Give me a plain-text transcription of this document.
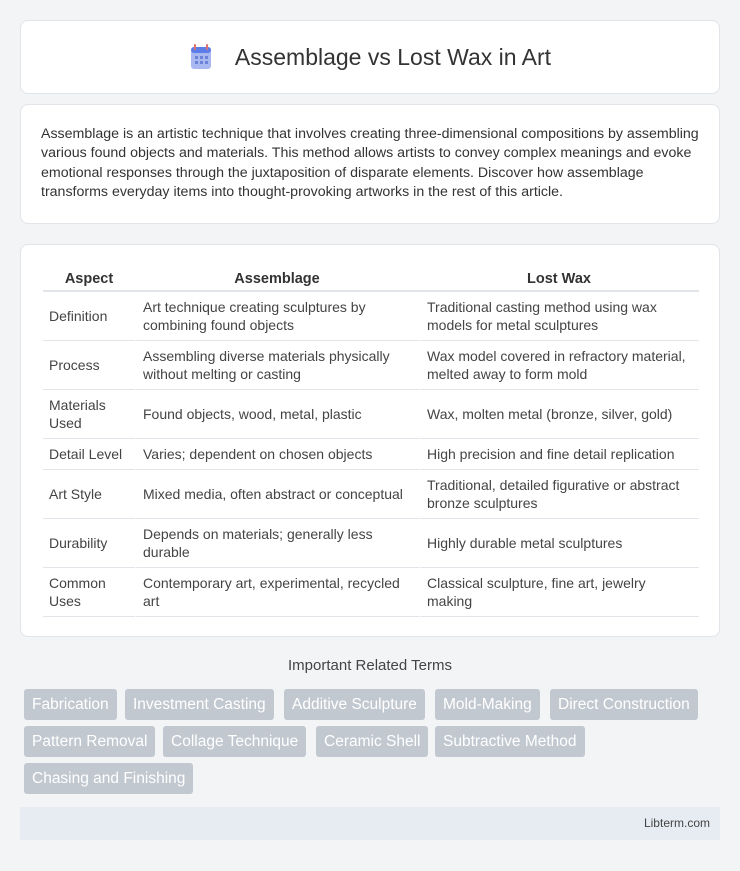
Assemblage vs Lost Wax in Art

Assemblage is an artistic technique that involves creating three-dimensional compositions by assembling various found objects and materials. This method allows artists to convey complex meanings and evoke emotional responses through the juxtaposition of disparate elements. Discover how assemblage transforms everyday items into thought-provoking artworks in the rest of this article.

Aspect	Assemblage	Lost Wax
Definition	Art technique creating sculptures by combining found objects	Traditional casting method using wax models for metal sculptures
Process	Assembling diverse materials physically without melting or casting	Wax model covered in refractory material, melted away to form mold
Materials Used	Found objects, wood, metal, plastic	Wax, molten metal (bronze, silver, gold)
Detail Level	Varies; dependent on chosen objects	High precision and fine detail replication
Art Style	Mixed media, often abstract or conceptual	Traditional, detailed figurative or abstract bronze sculptures
Durability	Depends on materials; generally less durable	Highly durable metal sculptures
Common Uses	Contemporary art, experimental, recycled art	Classical sculpture, fine art, jewelry making
Important Related Terms
Fabrication	Investment Casting	Additive Sculpture	Mold-Making	Direct Construction
Pattern Removal	Collage Technique	Ceramic Shell	Subtractive Method
Chasing and Finishing
Libterm.com
